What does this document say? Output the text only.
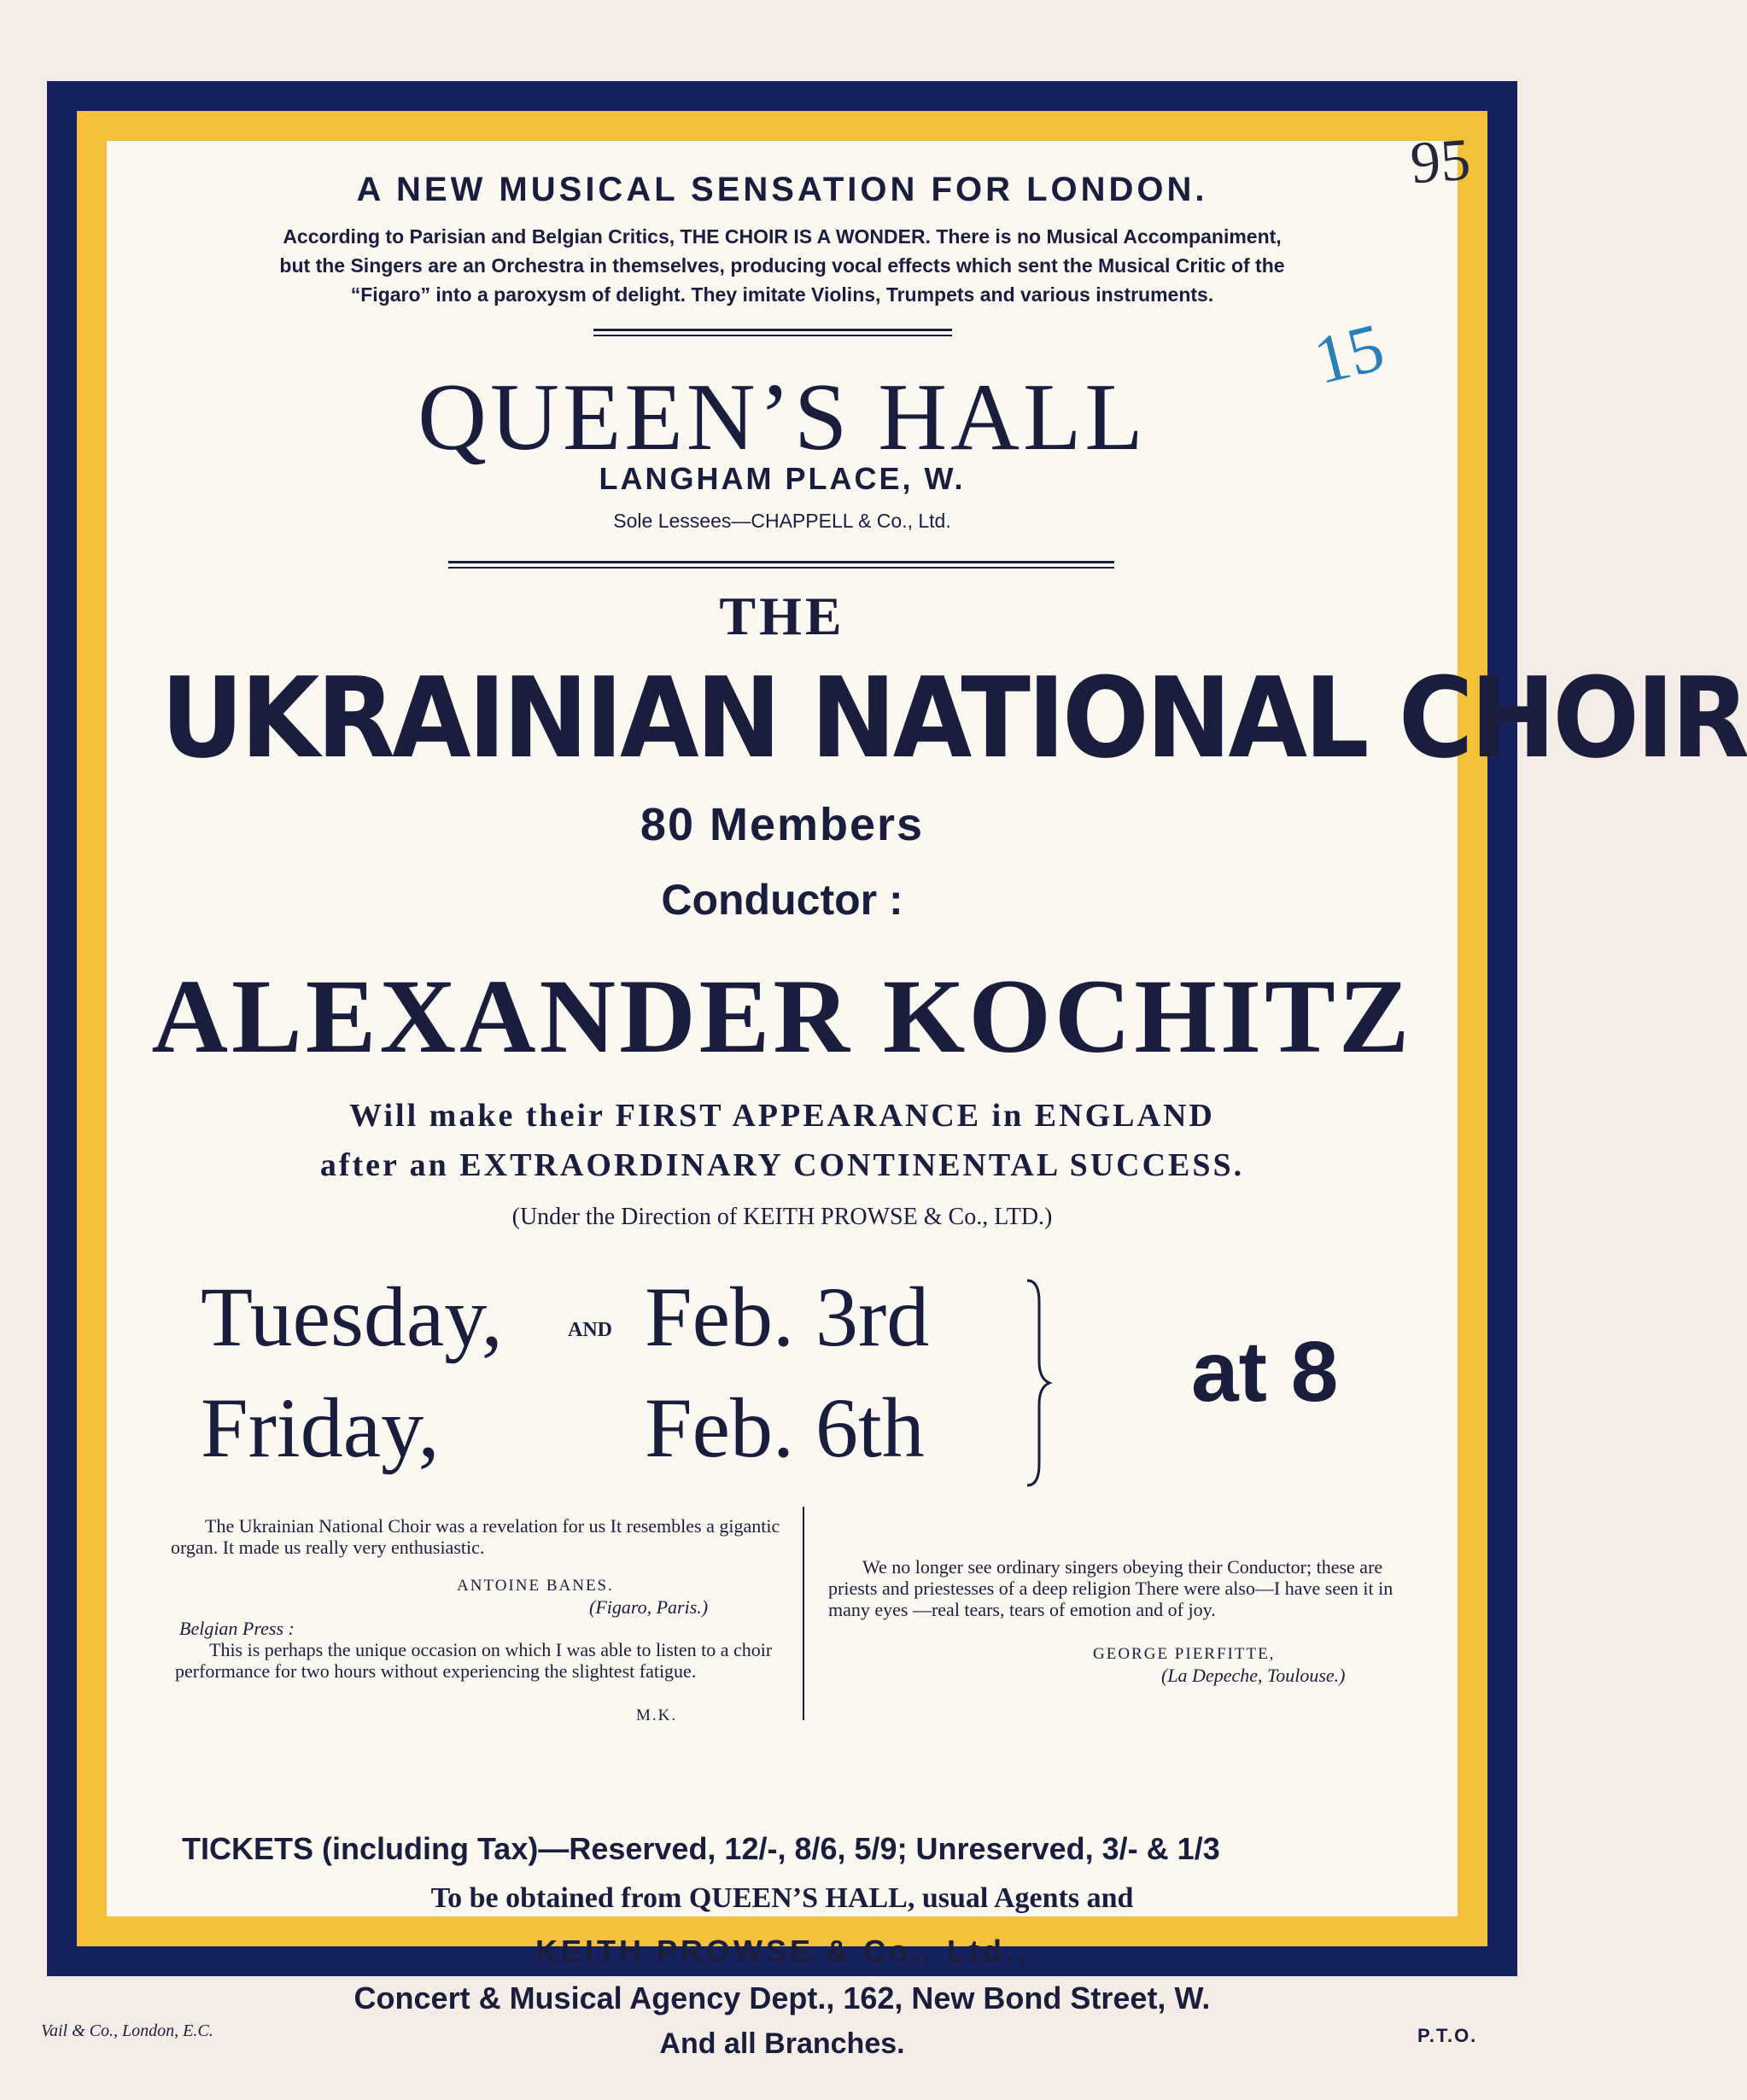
A NEW MUSICAL SENSATION FOR LONDON.
According to Parisian and Belgian Critics, THE CHOIR IS A WONDER. There is no Musical Accompaniment,
but the Singers are an Orchestra in themselves, producing vocal effects which sent the Musical Critic of the
“Figaro” into a paroxysm of delight. They imitate Violins, Trumpets and various instruments.
QUEEN’S HALL
LANGHAM PLACE, W.
Sole Lessees—CHAPPELL & Co., Ltd.
THE
UKRAINIAN NATIONAL CHOIR
80 Members
Conductor :
ALEXANDER KOCHITZ
Will make their FIRST APPEARANCE in ENGLAND
after an EXTRAORDINARY CONTINENTAL SUCCESS.
(Under the Direction of KEITH PROWSE & Co., LTD.)
Tuesday, Feb. 3rd
AND
Friday, Feb. 6th
at 8
The Ukrainian National Choir was a revelation for us It resembles a gigantic organ. It made us really very enthusiastic.
ANTOINE BANES.
(Figaro, Paris.)
Belgian Press :
This is perhaps the unique occasion on which I was able to listen to a choir performance for two hours without experiencing the slightest fatigue.
M.K.
We no longer see ordinary singers obeying their Conductor; these are priests and priestesses of a deep religion There were also—I have seen it in many eyes —real tears, tears of emotion and of joy.
GEORGE PIERFITTE,
(La Depeche, Toulouse.)
TICKETS (including Tax)—Reserved, 12/-, 8/6, 5/9; Unreserved, 3/- & 1/3
To be obtained from QUEEN’S HALL, usual Agents and
KEITH PROWSE & Co., Ltd.,
Concert & Musical Agency Dept., 162, New Bond Street, W.
And all Branches.
Vail & Co., London, E.C.	P.T.O.
95
15
